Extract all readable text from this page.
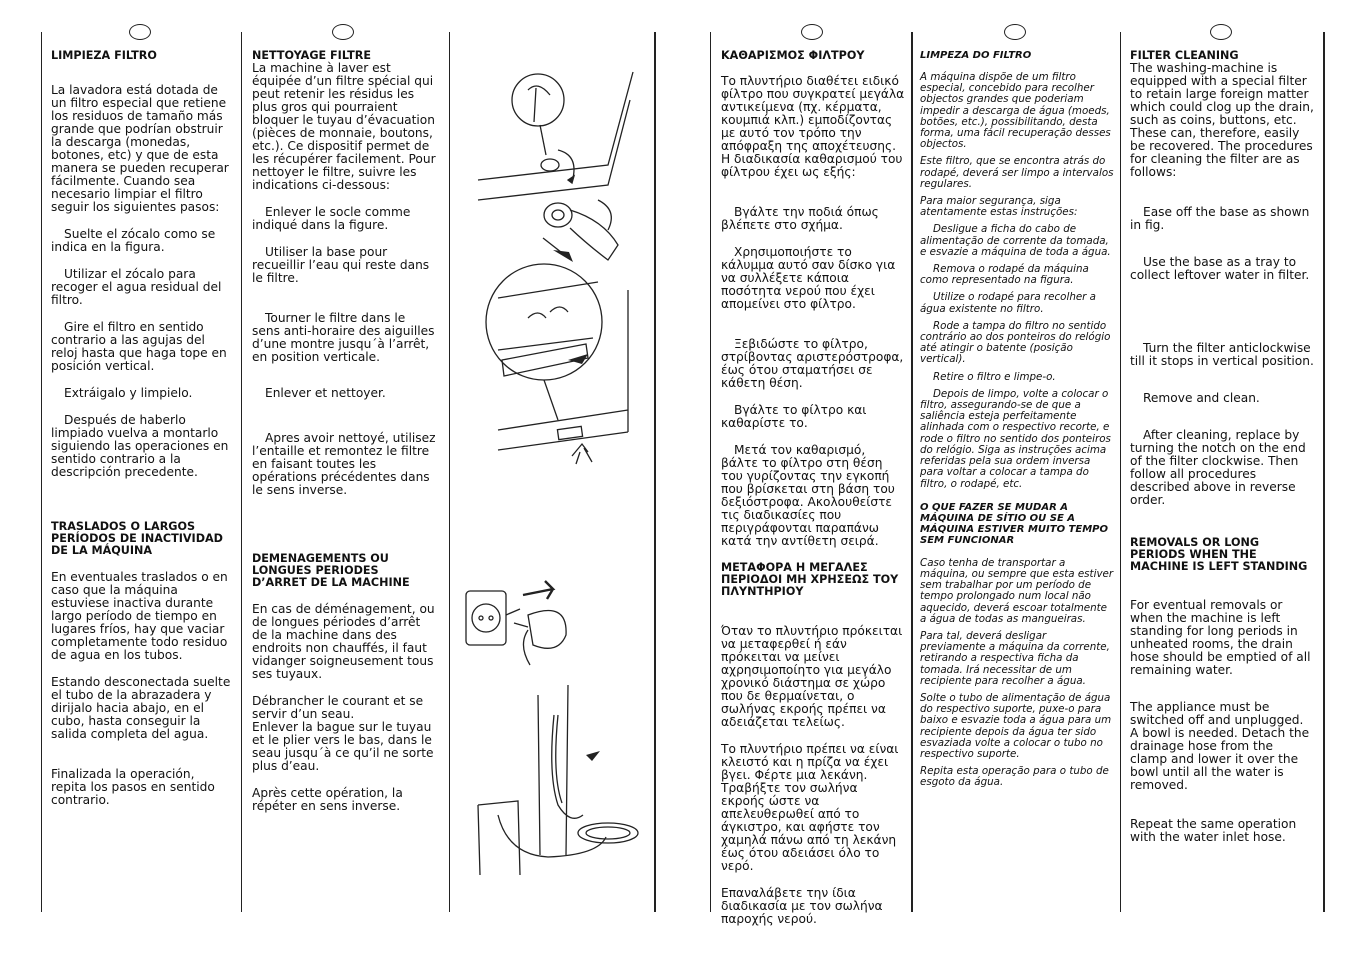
LIMPIEZA FILTRO

La lavadora está dotada de un filtro especial que retiene los residuos de tamaño más grande que podrían obstruir la descarga (monedas, botones, etc) y que de esta manera se pueden recuperar fácilmente. Cuando sea necesario limpiar el filtro seguir los siguientes pasos:

Suelte el zócalo como se indica en la figura.

Utilizar el zócalo para recoger el agua residual del filtro.

Gire el filtro en sentido contrario a las agujas del reloj hasta que haga tope en posición vertical.

Extráigalo y limpielo.

Después de haberlo limpiado vuelva a montarlo siguiendo las operaciones en sentido contrario a la descripción precedente.

TRASLADOS O LARGOS PERÍODOS DE INACTIVIDAD DE LA MÁQUINA

En eventuales traslados o en caso que la máquina estuviese inactiva durante largo período de tiempo en lugares fríos, hay que vaciar completamente todo residuo de agua en los tubos.

Estando desconectada suelte el tubo de la abrazadera y dirijalo hacia abajo, en el cubo, hasta conseguir la salida completa del agua.

Finalizada la operación, repita los pasos en sentido contrario.

NETTOYAGE FILTRE

La machine à laver est équipée d’un filtre spécial qui peut retenir les résidus les plus gros qui pourraient bloquer le tuyau d’évacuation (pièces de monnaie, boutons, etc.). Ce dispositif permet de les récupérer facilement. Pour nettoyer le filtre, suivre les indications ci-dessous:

Enlever le socle comme indiqué dans la figure.

Utiliser la base pour recueillir l’eau qui reste dans le filtre.

Tourner le filtre dans le sens anti-horaire des aiguilles d’une montre jusqu´à l’arrêt, en position verticale.

Enlever et nettoyer.

Apres avoir nettoyé, utilisez l’entaille et remontez le filtre en faisant toutes les opérations précédentes dans le sens inverse.

DEMENAGEMENTS OU LONGUES PERIODES D’ARRET DE LA MACHINE

En cas de déménagement, ou de longues périodes d’arrêt de la machine dans des endroits non chauffés, il faut vidanger soigneusement tous ses tuyaux.

Débrancher le courant et se servir d’un seau.

Enlever la bague sur le tuyau et le plier vers le bas, dans le seau jusqu´à ce qu’il ne sorte plus d’eau.

Après cette opération, la répéter en sens inverse.

ΚΑΘΑΡΙΣΜΟΣ ΦΙΛΤΡΟΥ

Το πλυντήριο διαθέτει ειδικό φίλτρο που συγκρατεί μεγάλα αντικείμενα (πχ. κέρματα, κουμπιά κλπ.) εμποδίζοντας με αυτό τον τρόπο την απόφραξη της αποχέτευσης. Η διαδικασία καθαρισμού του φίλτρου έχει ως εξής:

Βγάλτε την ποδιά όπως βλέπετε στο σχήμα.

Χρησιμοποιήστε το κάλυμμα αυτό σαν δίσκο για να συλλέξετε κάποια ποσότητα νερού που έχει απομείνει στο φίλτρο.

Ξεβιδώστε το φίλτρο, στρίβοντας αριστερόστροφα, έως ότου σταματήσει σε κάθετη θέση.

Βγάλτε το φίλτρο και καθαρίστε το.

Μετά τον καθαρισμό, βάλτε το φίλτρο στη θέση του γυρίζοντας την εγκοπή που βρίσκεται στη βάση του δεξιόστροφα. Ακολουθείστε τις διαδικασίες που περιγράφονται παραπάνω κατά την αντίθετη σειρά.

ΜΕΤΑΦΟΡΑ Η ΜΕΓΑΛΕΣ ΠΕΡΙΟΔΟΙ ΜΗ ΧΡΗΣΕΩΣ ΤΟΥ ΠΛΥΝΤΗΡΙΟΥ

Όταν το πλυντήριο πρόκειται να μεταφερθεί ή εάν πρόκειται να μείνει αχρησιμοποίητο για μεγάλο χρονικό διάστημα σε χώρο που δε θερμαίνεται, ο σωλήνας εκροής πρέπει να αδειάζεται τελείως.

Το πλυντήριο πρέπει να είναι κλειστό και η πρίζα να έχει βγει. Φέρτε μια λεκάνη. Τραβήξτε τον σωλήνα εκροής ώστε να απελευθερωθεί από το άγκιστρο, και αφήστε τον χαμηλά πάνω από τη λεκάνη έως ότου αδειάσει όλο το νερό.

Επαναλάβετε την ίδια διαδικασία με τον σωλήνα παροχής νερού.

LIMPEZA DO FILTRO

A máquina dispõe de um filtro especial, concebido para recolher objectos grandes que poderiam impedir a descarga de água (moeds, botões, etc.), possibilitando, desta forma, uma fácil recuperação desses objectos.

Este filtro, que se encontra atrás do rodapé, deverá ser limpo a intervalos regulares.

Para maior segurança, siga atentamente estas instruções:

Desligue a ficha do cabo de alimentação de corrente da tomada, e esvazie a máquina de toda a água.

Remova o rodapé da máquina como representado na figura.

Utilize o rodapé para recolher a água existente no filtro.

Rode a tampa do filtro no sentido contrário ao dos ponteiros do relógio até atingir o batente (posição vertical).

Retire o filtro e limpe-o.

Depois de limpo, volte a colocar o filtro, assegurando-se de que a saliência esteja perfeitamente alinhada com o respectivo recorte, e rode o filtro no sentido dos ponteiros do relógio. Siga as instruções acima referidas pela sua ordem inversa para voltar a colocar a tampa do filtro, o rodapé, etc.

O QUE FAZER SE MUDAR A MÁQUINA DE SÍTIO OU SE A MÁQUINA ESTIVER MUITO TEMPO SEM FUNCIONAR

Caso tenha de transportar a máquina, ou sempre que esta estiver sem trabalhar por um período de tempo prolongado num local não aquecido, deverá escoar totalmente a água de todas as mangueiras.

Para tal, deverá desligar previamente a máquina da corrente, retirando a respectiva ficha da tomada. Irá necessitar de um recipiente para recolher a água.

Solte o tubo de alimentação de água do respectivo suporte, puxe-o para baixo e esvazie toda a água para um recipiente depois da água ter sido esvaziada volte a colocar o tubo no respectivo suporte.

Repita esta operação para o tubo de esgoto da água.

FILTER CLEANING

The washing-machine is equipped with a special filter to retain large foreign matter which could clog up the drain, such as coins, buttons, etc. These can, therefore, easily be recovered. The procedures for cleaning the filter are as follows:

Ease off the base as shown in fig.

Use the base as a tray to collect leftover water in filter.

Turn the filter anticlockwise till it stops in vertical position.

Remove and clean.

After cleaning, replace by turning the notch on the end of the filter clockwise. Then follow all procedures described above in reverse order.

REMOVALS OR LONG PERIODS WHEN THE MACHINE IS LEFT STANDING

For eventual removals or when the machine is left standing for long periods in unheated rooms, the drain hose should be emptied of all remaining water.

The appliance must be switched off and unplugged. A bowl is needed. Detach the drainage hose from the clamp and lower it over the bowl until all the water is removed.

Repeat the same operation with the water inlet hose.
